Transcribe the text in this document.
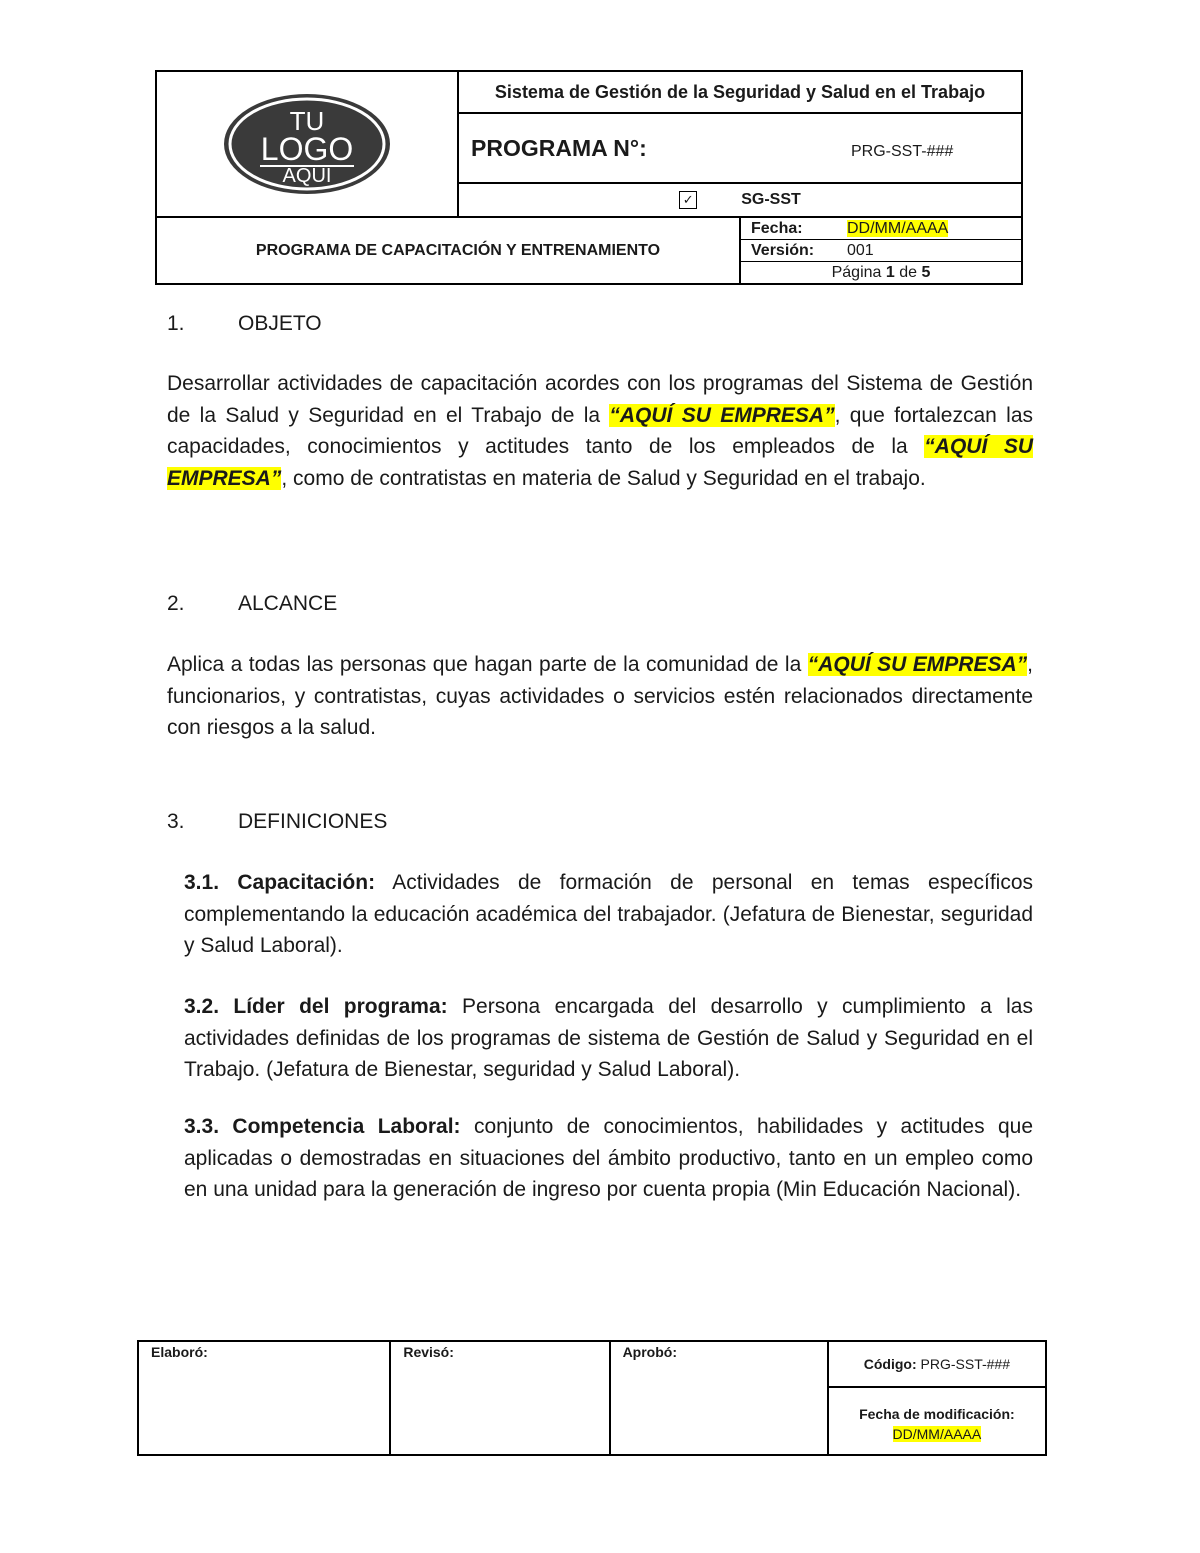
TU
LOGO
AQUI	Sistema de Gestión de la Seguridad y Salud en el Trabajo	
	PROGRAMA N°: PRG-SST-###	
	✓ SG-SST	
PROGRAMA DE CAPACITACIÓN Y ENTRENAMIENTO		Fecha: DD/MM/AAAA
Versión: 001
Página 1 de 5
1.	OBJETO

Desarrollar actividades de capacitación acordes con los programas del Sistema de Gestión de la Salud y Seguridad en el Trabajo de la “AQUÍ SU EMPRESA”, que fortalezcan las capacidades, conocimientos y actitudes tanto de los empleados de la “AQUÍ SU EMPRESA”, como de contratistas en materia de Salud y Seguridad en el trabajo.

2.	ALCANCE

Aplica a todas las personas que hagan parte de la comunidad de la “AQUÍ SU EMPRESA”, funcionarios, y contratistas, cuyas actividades o servicios estén relacionados directamente con riesgos a la salud.

3.	DEFINICIONES

3.1. Capacitación: Actividades de formación de personal en temas específicos complementando la educación académica del trabajador. (Jefatura de Bienestar, seguridad y Salud Laboral).

3.2. Líder del programa: Persona encargada del desarrollo y cumplimiento a las actividades definidas de los programas de sistema de Gestión de Salud y Seguridad en el Trabajo. (Jefatura de Bienestar, seguridad y Salud Laboral).

3.3. Competencia Laboral: conjunto de conocimientos, habilidades y actitudes que aplicadas o demostradas en situaciones del ámbito productivo, tanto en un empleo como en una unidad para la generación de ingreso por cuenta propia (Min Educación Nacional).

Elaboró:	Revisó:	Aprobó:	
Código: PRG-SST-###
Fecha de modificación:
DD/MM/AAAA
